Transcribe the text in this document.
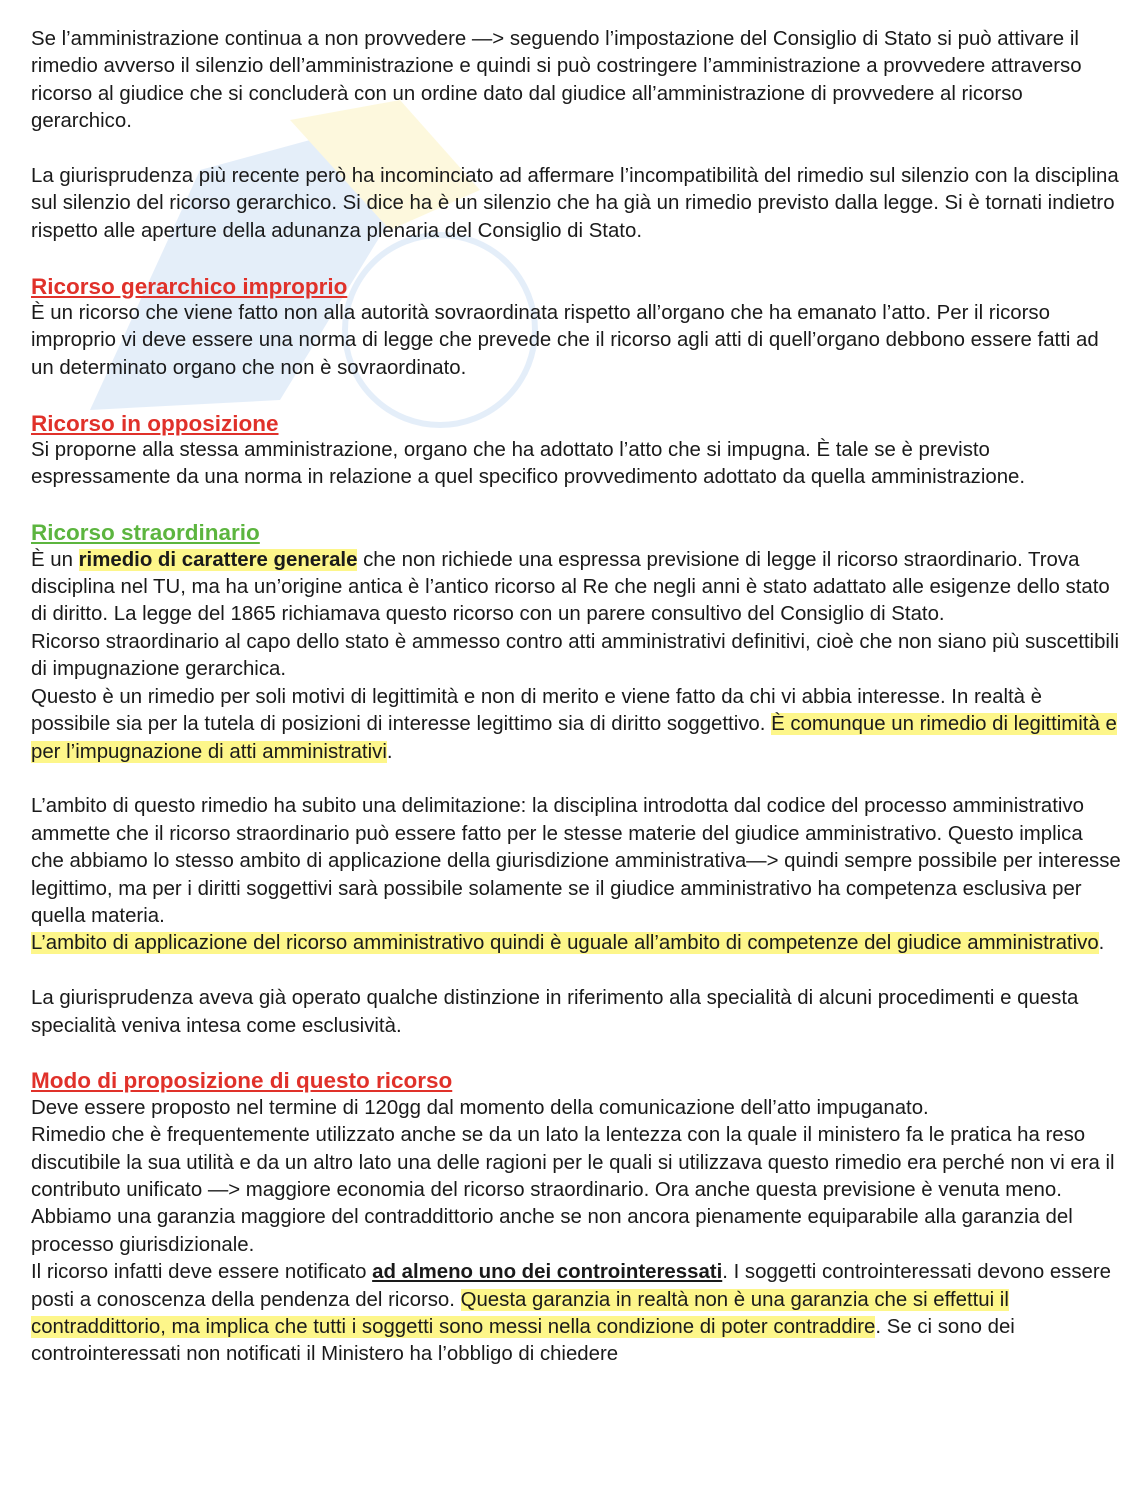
Se l’amministrazione continua a non provvedere —> seguendo l’impostazione del Consiglio di Stato si può attivare il rimedio avverso il silenzio dell’amministrazione e quindi si può costringere l’amministrazione a provvedere attraverso ricorso al giudice che si concluderà con un ordine dato dal giudice all’amministrazione di provvedere al ricorso gerarchico.

La giurisprudenza più recente però ha incominciato ad affermare l’incompatibilità del rimedio sul silenzio con la disciplina sul silenzio del ricorso gerarchico. Si dice ha è un silenzio che ha già un rimedio previsto dalla legge. Si è tornati indietro rispetto alle aperture della adunanza plenaria del Consiglio di Stato.

Ricorso gerarchico improprio

È un ricorso che viene fatto non alla autorità sovraordinata rispetto all’organo che ha emanato l’atto. Per il ricorso improprio vi deve essere una norma di legge che prevede che il ricorso agli atti di quell’organo debbono essere fatti ad un determinato organo che non è sovraordinato.

Ricorso in opposizione

Si proporne alla stessa amministrazione, organo che ha adottato l’atto che si impugna. È tale se è previsto espressamente da una norma in relazione a quel specifico provvedimento adottato da quella amministrazione.

Ricorso straordinario

È un rimedio di carattere generale che non richiede una espressa previsione di legge il ricorso straordinario. Trova disciplina nel TU, ma ha un’origine antica è l’antico ricorso al Re che negli anni è stato adattato alle esigenze dello stato di diritto. La legge del 1865 richiamava questo ricorso con un parere consultivo del Consiglio di Stato.

Ricorso straordinario al capo dello stato è ammesso contro atti amministrativi definitivi, cioè che non siano più suscettibili di impugnazione gerarchica.

Questo è un rimedio per soli motivi di legittimità e non di merito e viene fatto da chi vi abbia interesse. In realtà è possibile sia per la tutela di posizioni di interesse legittimo sia di diritto soggettivo. È comunque un rimedio di legittimità e per l’impugnazione di atti amministrativi.

L’ambito di questo rimedio ha subito una delimitazione: la disciplina introdotta dal codice del processo amministrativo ammette che il ricorso straordinario può essere fatto per le stesse materie del giudice amministrativo. Questo implica che abbiamo lo stesso ambito di applicazione della giurisdizione amministrativa—> quindi sempre possibile per interesse legittimo, ma per i diritti soggettivi sarà possibile solamente se il giudice amministrativo ha competenza esclusiva per quella materia.

L’ambito di applicazione del ricorso amministrativo quindi è uguale all’ambito di competenze del giudice amministrativo.

La giurisprudenza aveva già operato qualche distinzione in riferimento alla specialità di alcuni procedimenti e questa specialità veniva intesa come esclusività.

Modo di proposizione di questo ricorso

Deve essere proposto nel termine di 120gg dal momento della comunicazione dell’atto impuganato.

Rimedio che è frequentemente utilizzato anche se da un lato la lentezza con la quale il ministero fa le pratica ha reso discutibile la sua utilità e da un altro lato una delle ragioni per le quali si utilizzava questo rimedio era perché non vi era il contributo unificato —> maggiore economia del ricorso straordinario. Ora anche questa previsione è venuta meno.

Abbiamo una garanzia maggiore del contraddittorio anche se non ancora pienamente equiparabile alla garanzia del processo giurisdizionale.

Il ricorso infatti deve essere notificato ad almeno uno dei controinteressati. I soggetti controinteressati devono essere posti a conoscenza della pendenza del ricorso. Questa garanzia in realtà non è una garanzia che si effettui il contraddittorio, ma implica che tutti i soggetti sono messi nella condizione di poter contraddire. Se ci sono dei controinteressati non notificati il Ministero ha l’obbligo di chiedere
